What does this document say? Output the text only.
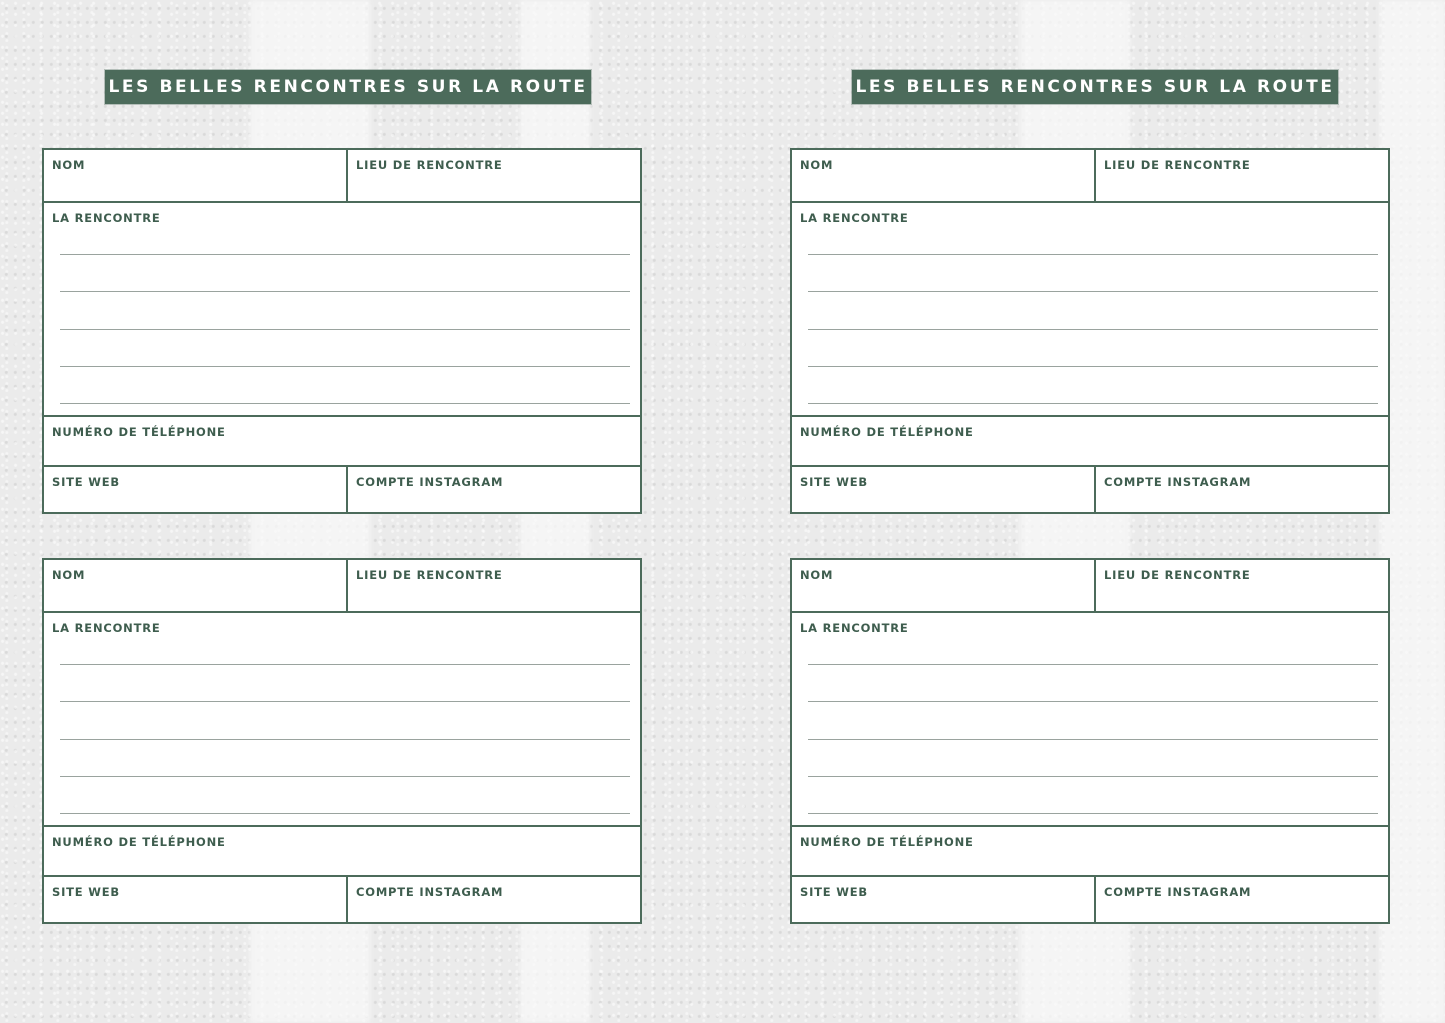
LES BELLES RENCONTRES SUR LA ROUTE
NOM	LIEU DE RENCONTRE
LA RENCONTRE
NUMÉRO DE TÉLÉPHONE
SITE WEB	COMPTE INSTAGRAM
NOM	LIEU DE RENCONTRE
LA RENCONTRE
NUMÉRO DE TÉLÉPHONE
SITE WEB	COMPTE INSTAGRAM
LES BELLES RENCONTRES SUR LA ROUTE
NOM	LIEU DE RENCONTRE
LA RENCONTRE
NUMÉRO DE TÉLÉPHONE
SITE WEB	COMPTE INSTAGRAM
NOM	LIEU DE RENCONTRE
LA RENCONTRE
NUMÉRO DE TÉLÉPHONE
SITE WEB	COMPTE INSTAGRAM
